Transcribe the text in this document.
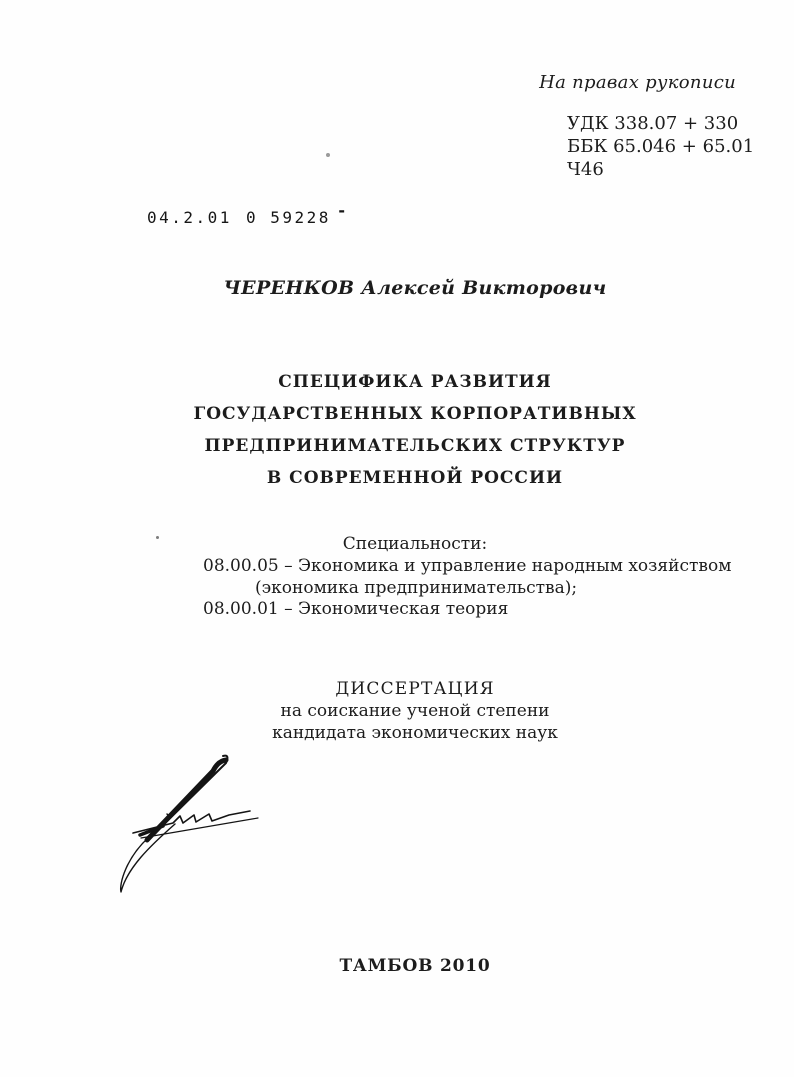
На правах рукописи
УДК 338.07 + 330
ББК 65.046 + 65.01
Ч46
04.2.01 0 59228 -
ЧЕРЕНКОВ Алексей Викторович
СПЕЦИФИКА РАЗВИТИЯ
ГОСУДАРСТВЕННЫХ КОРПОРАТИВНЫХ
ПРЕДПРИНИМАТЕЛЬСКИХ СТРУКТУР
В СОВРЕМЕННОЙ РОССИИ
Специальности:
08.00.05 – Экономика и управление народным хозяйством
(экономика предпринимательства);
08.00.01 – Экономическая теория
ДИССЕРТАЦИЯ
на соискание ученой степени
кандидата экономических наук
ТАМБОВ 2010
